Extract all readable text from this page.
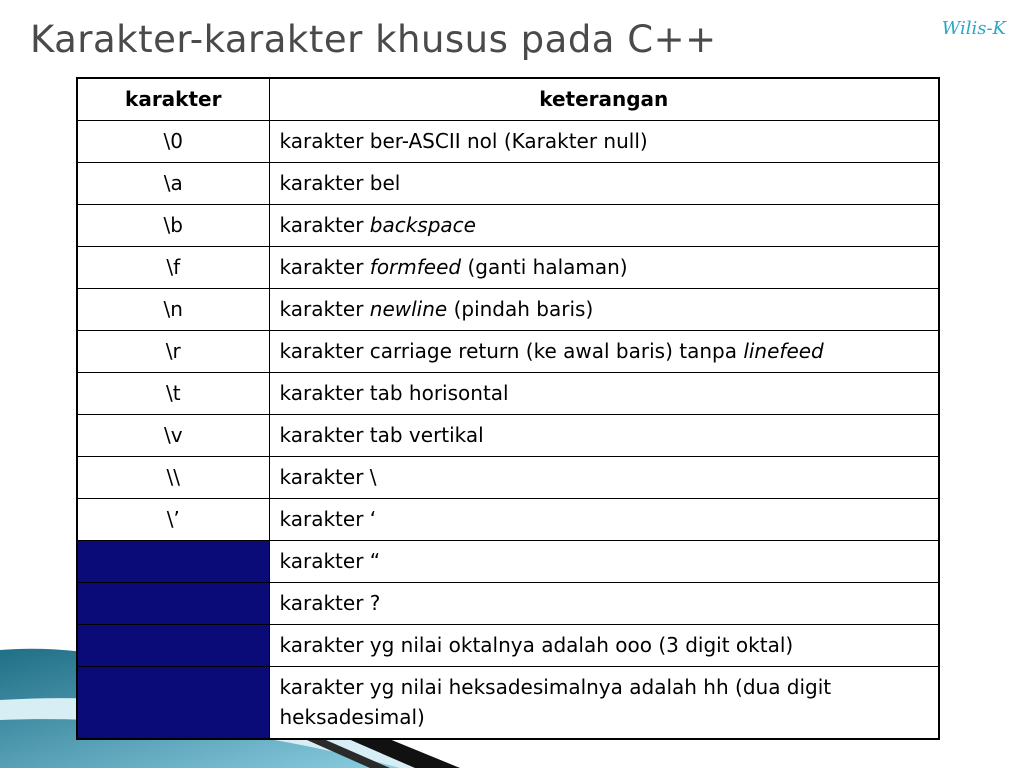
Karakter-karakter khusus pada C++	Wilis-K
karakter	keterangan
\0	karakter ber-ASCII nol (Karakter null)
\a	karakter bel
\b	karakter backspace
\f	karakter formfeed (ganti halaman)
\n	karakter newline (pindah baris)
\r	karakter carriage return (ke awal baris) tanpa linefeed
\t	karakter tab horisontal
\v	karakter tab vertikal
\\	karakter \
\’	karakter ‘
\"	karakter “
\?	karakter ?
\ooo	karakter yg nilai oktalnya adalah ooo (3 digit oktal)
\xhh	karakter yg nilai heksadesimalnya adalah hh (dua digit heksadesimal)
